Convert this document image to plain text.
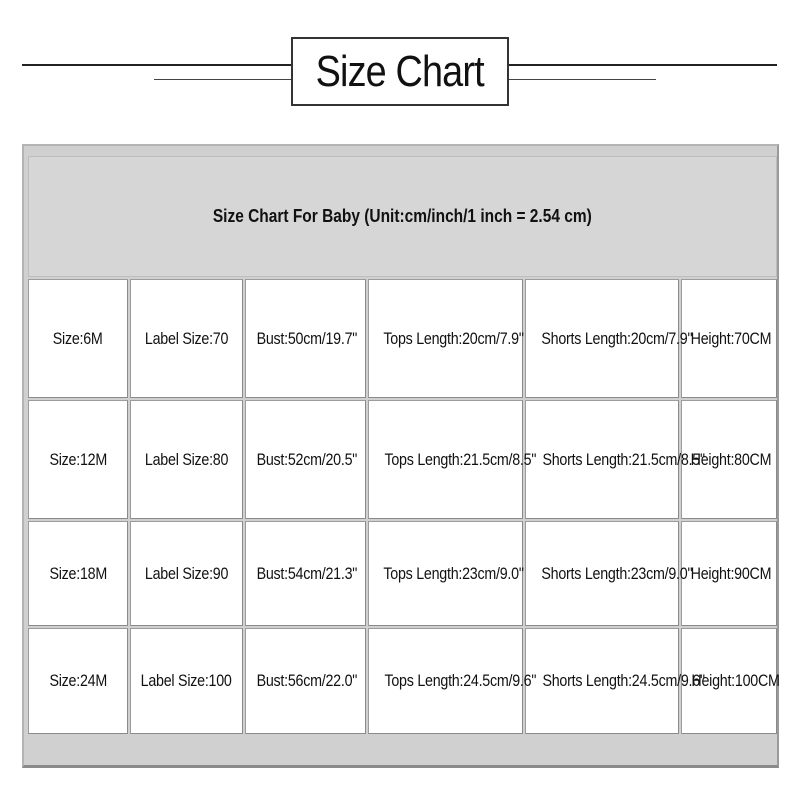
Size Chart
Size Chart For Baby (Unit:cm/inch/1 inch = 2.54 cm)					
Size:6M	Label Size:70	Bust:50cm/19.7"	Tops Length:20cm/7.9"	Shorts Length:20cm/7.9"	Height:70CM
Size:12M	Label Size:80	Bust:52cm/20.5"	Tops Length:21.5cm/8.5"	Shorts Length:21.5cm/8.5"	Height:80CM
Size:18M	Label Size:90	Bust:54cm/21.3"	Tops Length:23cm/9.0"	Shorts Length:23cm/9.0"	Height:90CM
Size:24M	Label Size:100	Bust:56cm/22.0"	Tops Length:24.5cm/9.6"	Shorts Length:24.5cm/9.6"	Height:100CM
